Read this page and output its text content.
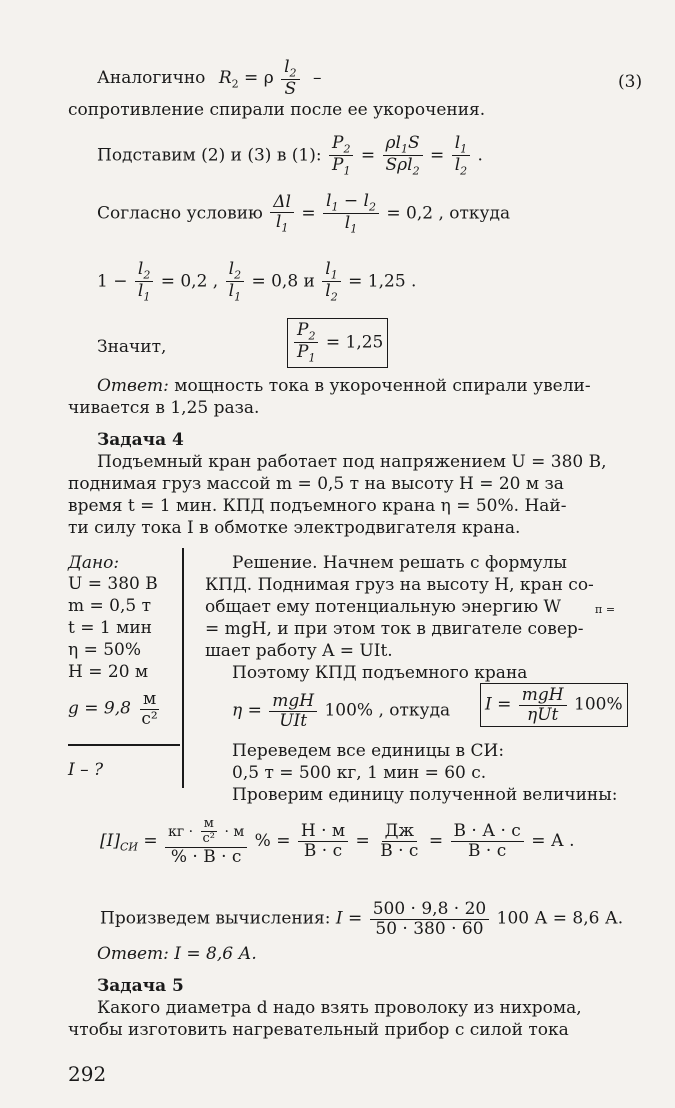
Аналогично $R_2 = \rho \frac{l_2}{S}$ –	(3)
сопротивление спирали после ее укорочения.
Подставим (2) и (3) в (1): $\frac{P_2}{P_1} = \frac{\rho l_1S}{S\rho l_2} = \frac{l_1}{l_2}$ .
Согласно условию $\frac{\Delta l}{l_1} = \frac{l_1 - l_2}{l_1} = 0,2$ , откуда
$1 - \frac{l_2}{l_1} = 0,2$ , $\frac{l_2}{l_1} = 0,8$ и $\frac{l_1}{l_2} = 1,25$ .
Значит,	$\frac{P_2}{P_1} = 1,25$
Ответ: мощность тока в укороченной спирали увели-
чивается в 1,25 раза.
Задача 4
Подъемный кран работает под напряжением U = 380 В,
поднимая груз массой m = 0,5 т на высоту H = 20 м за
время t = 1 мин. КПД подъемного крана η = 50%. Най-
ти силу тока I в обмотке электродвигателя крана.
Дано:
U = 380 В
m = 0,5 т
t = 1 мин
η = 50%
H = 20 м
$g = 9,8 \frac{м}{\text{с²}}$
I – ?
Решение. Начнем решать с формулы
КПД. Поднимая груз на высоту H, кран со-
общает ему потенциальную энергию W	п =
= mgH, и при этом ток в двигателе совер-
шает работу A = UIt.
Поэтому КПД подъемного крана
$\eta = \frac{\text{mgH}}{\text{UIt}} 100\%$ , откуда $I = \frac{\text{mgH}}{\text{ηUt}} 100\%$
Переведем все единицы в СИ:
0,5 т = 500 кг, 1 мин = 60 с.
Проверим единицу полученной величины:
$[I]_{СИ} = \frac{кг \cdot \frac{м}{\text{с²}} \cdot м}{\% \cdot В \cdot с}$ % = $\frac{Н \cdot м}{В \cdot с} = \frac{Дж}{В \cdot с} = \frac{В \cdot А \cdot с}{В \cdot с} = А$ .
Произведем вычисления: $I = \frac{500 \cdot 9,8 \cdot 20}{50 \cdot 380 \cdot 60} 100$ А = 8,6 А.
Ответ: I = 8,6 А.
Задача 5
Какого диаметра d надо взять проволоку из нихрома,
чтобы изготовить нагревательный прибор с силой тока
292
